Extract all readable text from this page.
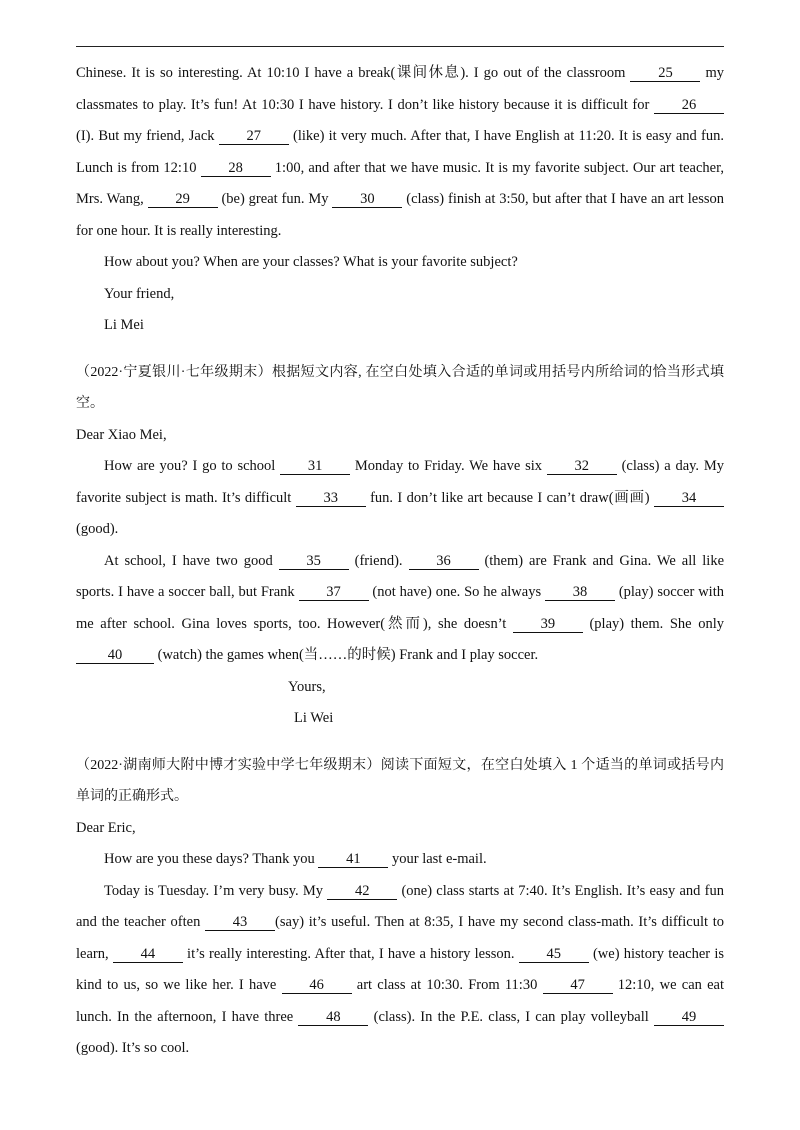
Chinese. It is so interesting. At 10:10 I have a break(课间休息). I go out of the classroom 25 my classmates to play. It’s fun! At 10:30 I have history. I don’t like history because it is difficult for 26 (I). But my friend, Jack 27 (like) it very much. After that, I have English at 11:20. It is easy and fun. Lunch is from 12:10 28 1:00, and after that we have music. It is my favorite subject. Our art teacher, Mrs. Wang, 29 (be) great fun. My 30 (class) finish at 3:50, but after that I have an art lesson for one hour. It is really interesting.

How about you? When are your classes? What is your favorite subject?

Your friend,

Li Mei

（2022·宁夏银川·七年级期末）根据短文内容, 在空白处填入合适的单词或用括号内所给词的恰当形式填空。

Dear Xiao Mei,

How are you? I go to school 31 Monday to Friday. We have six 32 (class) a day. My favorite subject is math. It’s difficult 33 fun. I don’t like art because I can’t draw(画画) 34 (good).

At school, I have two good 35 (friend). 36 (them) are Frank and Gina. We all like sports. I have a soccer ball, but Frank 37 (not have) one. So he always 38 (play) soccer with me after school. Gina loves sports, too. However(然而), she doesn’t 39 (play) them. She only 40 (watch) the games when(当……的时候) Frank and I play soccer.

Yours,

Li Wei

（2022·湖南师大附中博才实验中学七年级期末）阅读下面短文，在空白处填入 1 个适当的单词或括号内单词的正确形式。

Dear Eric,

How are you these days? Thank you 41 your last e-mail.

Today is Tuesday. I’m very busy. My 42 (one) class starts at 7:40. It’s English. It’s easy and fun and the teacher often 43 (say) it’s useful. Then at 8:35, I have my second class-math. It’s difficult to learn, 44 it’s really interesting. After that, I have a history lesson. 45 (we) history teacher is kind to us, so we like her. I have 46 art class at 10:30. From 11:30 47 12:10, we can eat lunch. In the afternoon, I have three 48 (class). In the P.E. class, I can play volleyball 49(good). It’s so cool.
